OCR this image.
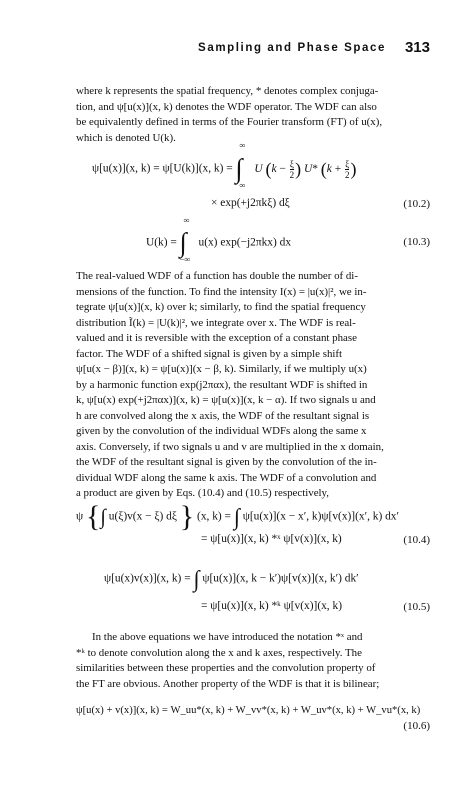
Sampling and Phase Space 313
where k represents the spatial frequency, * denotes complex conjuga-
tion, and ψ[u(x)](x, k) denotes the WDF operator. The WDF can also
be equivalently defined in terms of the Fourier transform (FT) of u(x),
which is denoted U(k).
ψ[u(x)](x, k) = ψ[U(k)](x, k) =
∞
∫
∞
U ($k - \frac{\xi}{2}$ ) U* ($k + \frac{\xi}{2}$ )
× exp(+j2πkξ) dξ	(10.2)
U(k) =
∞
∫
−∞
u(x) exp(−j2πkx) dx	(10.3)
The real-valued WDF of a function has double the number of di-
mensions of the function. To find the intensity I(x) = |u(x)|², we in-
tegrate ψ[u(x)](x, k) over k; similarly, to find the spatial frequency
distribution Ĩ(k) = |U(k)|², we integrate over x. The WDF is real-
valued and it is reversible with the exception of a constant phase
factor. The WDF of a shifted signal is given by a simple shift
ψ[u(x − β)](x, k) = ψ[u(x)](x − β, k). Similarly, if we multiply u(x)
by a harmonic function exp(j2παx), the resultant WDF is shifted in
k, ψ[u(x) exp(+j2παx)](x, k) = ψ[u(x)](x, k − α). If two signals u and
h are convolved along the x axis, the WDF of the resultant signal is
given by the convolution of the individual WDFs along the same x
axis. Conversely, if two signals u and v are multiplied in the x domain,
the WDF of the resultant signal is given by the convolution of the in-
dividual WDF along the same k axis. The WDF of a convolution and
a product are given by Eqs. (10.4) and (10.5) respectively,
ψ {∫ u(ξ)v(x − ξ) dξ } (x, k) = ∫ ψ[u(x)](x − x′, k)ψ[v(x)](x′, k) dx′
= ψ[u(x)](x, k) *ˣ ψ[v(x)](x, k)	(10.4)
ψ[u(x)v(x)](x, k) = ∫ ψ[u(x)](x, k − k′)ψ[v(x)](x, k′) dk′
= ψ[u(x)](x, k) *ᵏ ψ[v(x)](x, k)	(10.5)
In the above equations we have introduced the notation *ˣ and
*ᵏ to denote convolution along the x and k axes, respectively. The
similarities between these properties and the convolution property of
the FT are obvious. Another property of the WDF is that it is bilinear;
ψ[u(x) + v(x)](x, k) = W_uu*(x, k) + W_vv*(x, k) + W_uv*(x, k) + W_vu*(x, k)
(10.6)
